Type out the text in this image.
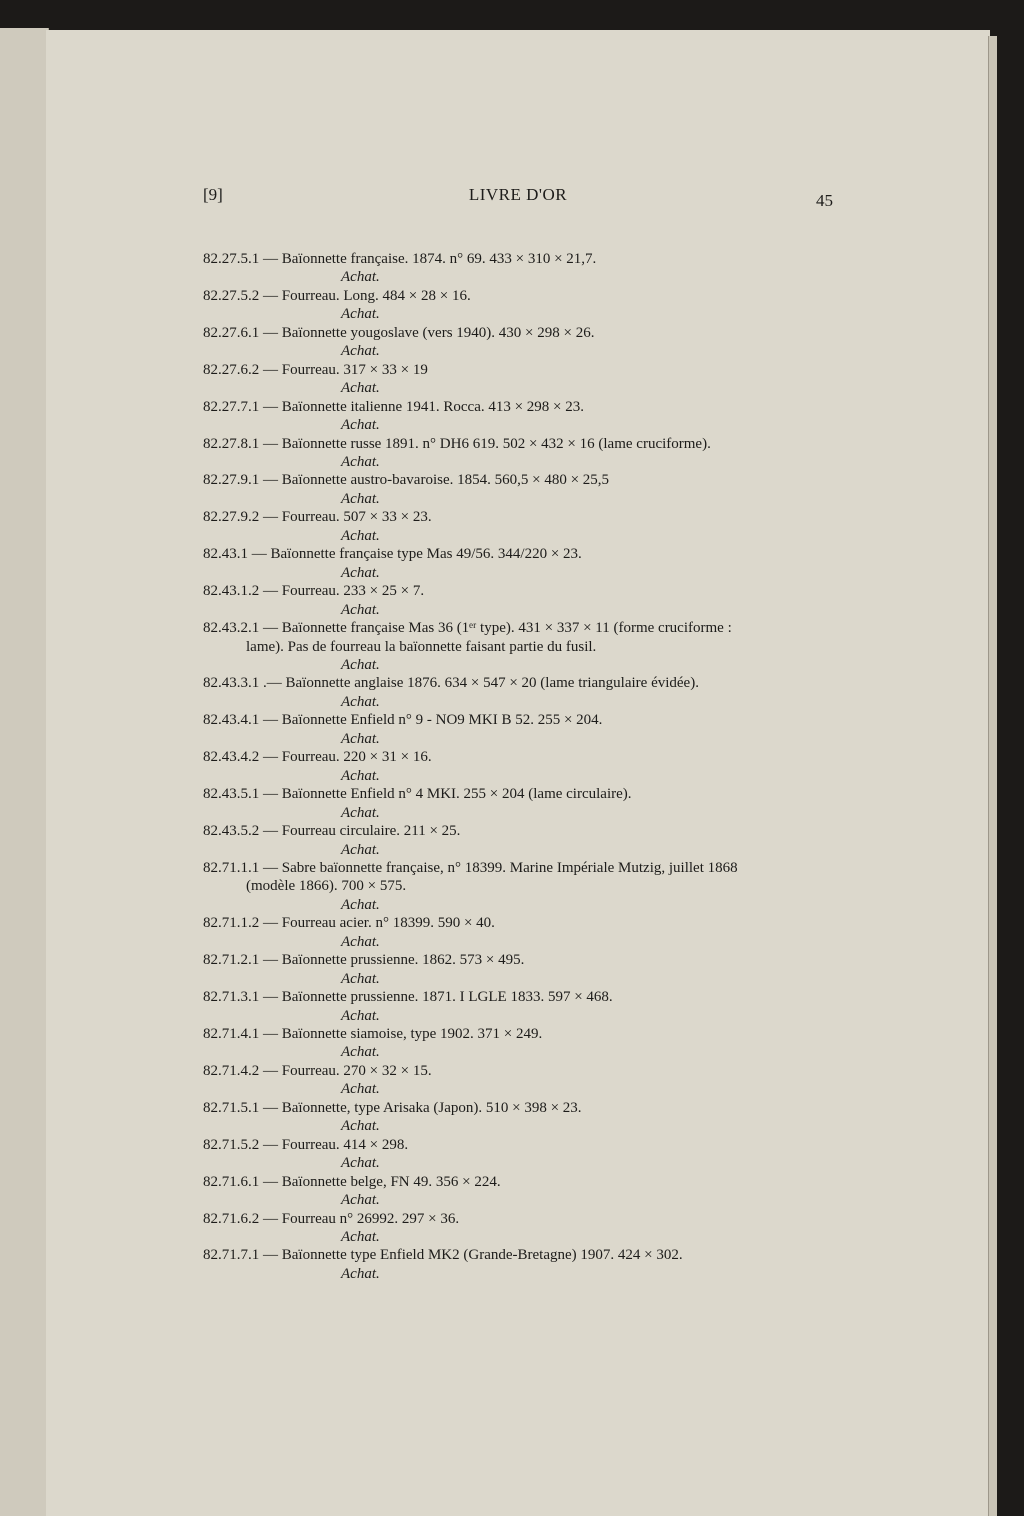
[9]	LIVRE D'OR	45
82.27.5.1 — Baïonnette française. 1874. n° 69. 433 × 310 × 21,7.
Achat.
82.27.5.2 — Fourreau. Long. 484 × 28 × 16.
Achat.
82.27.6.1 — Baïonnette yougoslave (vers 1940). 430 × 298 × 26.
Achat.
82.27.6.2 — Fourreau. 317 × 33 × 19
Achat.
82.27.7.1 — Baïonnette italienne 1941. Rocca. 413 × 298 × 23.
Achat.
82.27.8.1 — Baïonnette russe 1891. n° DH6 619. 502 × 432 × 16 (lame cruciforme).
Achat.
82.27.9.1 — Baïonnette austro-bavaroise. 1854. 560,5 × 480 × 25,5
Achat.
82.27.9.2 — Fourreau. 507 × 33 × 23.
Achat.
82.43.1 — Baïonnette française type Mas 49/56. 344/220 × 23.
Achat.
82.43.1.2 — Fourreau. 233 × 25 × 7.
Achat.
82.43.2.1 — Baïonnette française Mas 36 (1ᵉʳ type). 431 × 337 × 11 (forme cruciforme :
lame). Pas de fourreau la baïonnette faisant partie du fusil.
Achat.
82.43.3.1 .— Baïonnette anglaise 1876. 634 × 547 × 20 (lame triangulaire évidée).
Achat.
82.43.4.1 — Baïonnette Enfield n° 9 - NO9 MKI B 52. 255 × 204.
Achat.
82.43.4.2 — Fourreau. 220 × 31 × 16.
Achat.
82.43.5.1 — Baïonnette Enfield n° 4 MKI. 255 × 204 (lame circulaire).
Achat.
82.43.5.2 — Fourreau circulaire. 211 × 25.
Achat.
82.71.1.1 — Sabre baïonnette française, n° 18399. Marine Impériale Mutzig, juillet 1868
(modèle 1866). 700 × 575.
Achat.
82.71.1.2 — Fourreau acier. n° 18399. 590 × 40.
Achat.
82.71.2.1 — Baïonnette prussienne. 1862. 573 × 495.
Achat.
82.71.3.1 — Baïonnette prussienne. 1871. I LGLE 1833. 597 × 468.
Achat.
82.71.4.1 — Baïonnette siamoise, type 1902. 371 × 249.
Achat.
82.71.4.2 — Fourreau. 270 × 32 × 15.
Achat.
82.71.5.1 — Baïonnette, type Arisaka (Japon). 510 × 398 × 23.
Achat.
82.71.5.2 — Fourreau. 414 × 298.
Achat.
82.71.6.1 — Baïonnette belge, FN 49. 356 × 224.
Achat.
82.71.6.2 — Fourreau n° 26992. 297 × 36.
Achat.
82.71.7.1 — Baïonnette type Enfield MK2 (Grande-Bretagne) 1907. 424 × 302.
Achat.
